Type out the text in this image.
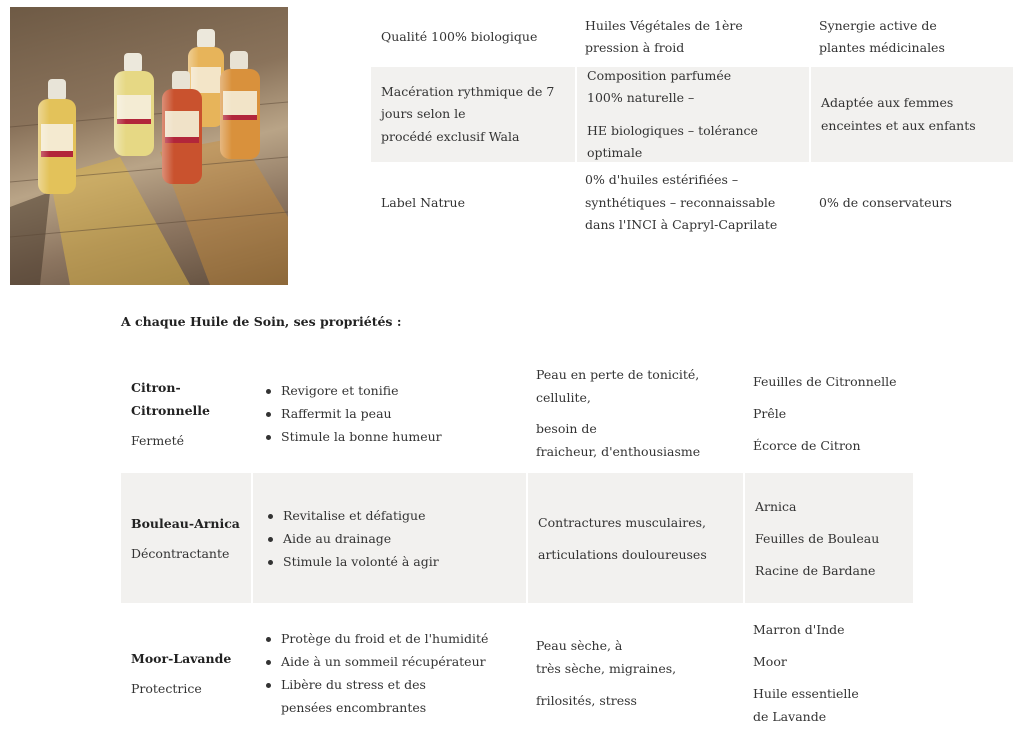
Qualité 100% biologique
Huiles Végétales de 1ère pression à froid
Synergie active de
plantes médicinales
Macération rythmique de 7 jours selon le
procédé exclusif Wala
Composition parfumée
100% naturelle –
HE biologiques – tolérance optimale
Adaptée aux femmes enceintes et aux enfants
Label Natrue
0% d'huiles estérifiées – synthétiques – reconnaissable dans l'INCI à Capryl-Caprilate
0% de conservateurs
A chaque Huile de Soin, ses propriétés :
Citron-Citronnelle
Fermeté
Revigore et tonifie
Raffermit la peau
Stimule la bonne humeur
Peau en perte de tonicité, cellulite,
besoin de
fraicheur, d'enthousiasme
Feuilles de Citronnelle
Prêle
Écorce de Citron
Bouleau-Arnica
Décontractante
Revitalise et défatigue
Aide au drainage
Stimule la volonté à agir
Contractures musculaires,
articulations douloureuses
Arnica
Feuilles de Bouleau
Racine de Bardane
Moor-Lavande
Protectrice
Protège du froid et de l'humidité
Aide à un sommeil récupérateur
Libère du stress et des pensées encombrantes
Peau sèche, à
très sèche, migraines,
frilosités, stress
Marron d'Inde
Moor
Huile essentielle de Lavande
